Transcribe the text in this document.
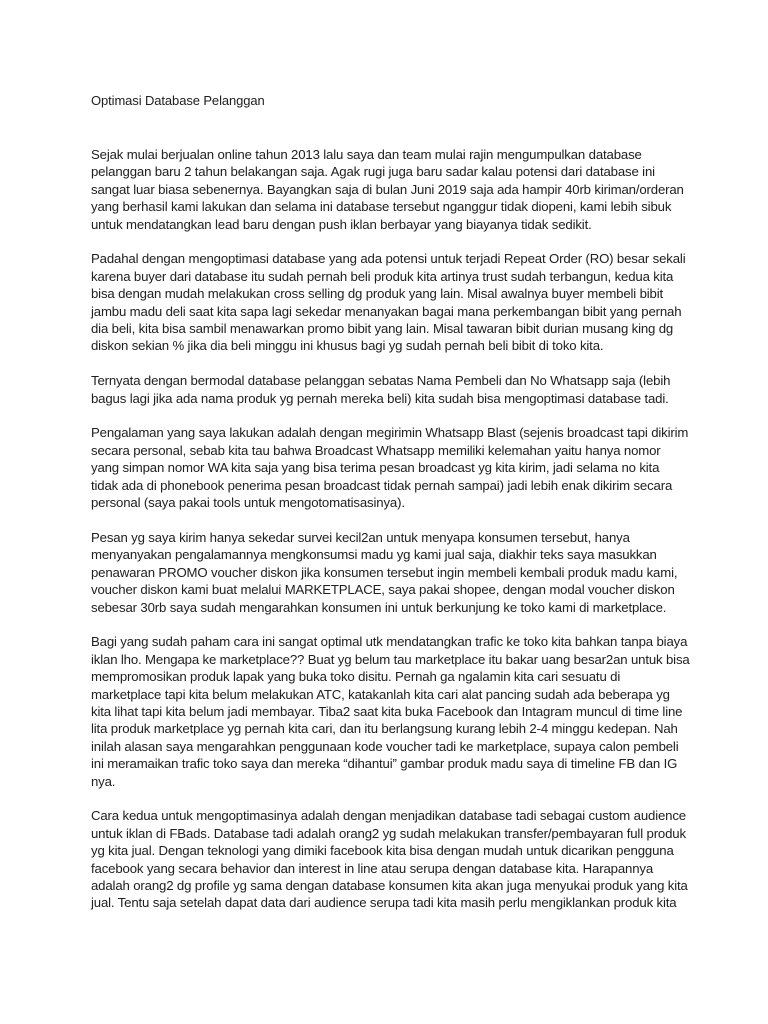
Optimasi Database Pelanggan
Sejak mulai berjualan online tahun 2013 lalu saya dan team mulai rajin mengumpulkan database
pelanggan baru 2 tahun belakangan saja. Agak rugi juga baru sadar kalau potensi dari database ini
sangat luar biasa sebenernya. Bayangkan saja di bulan Juni 2019 saja ada hampir 40rb kiriman/orderan
yang berhasil kami lakukan dan selama ini database tersebut nganggur tidak diopeni, kami lebih sibuk
untuk mendatangkan lead baru dengan push iklan berbayar yang biayanya tidak sedikit.
Padahal dengan mengoptimasi database yang ada potensi untuk terjadi Repeat Order (RO) besar sekali
karena buyer dari database itu sudah pernah beli produk kita artinya trust sudah terbangun, kedua kita
bisa dengan mudah melakukan cross selling dg produk yang lain. Misal awalnya buyer membeli bibit
jambu madu deli saat kita sapa lagi sekedar menanyakan bagai mana perkembangan bibit yang pernah
dia beli, kita bisa sambil menawarkan promo bibit yang lain. Misal tawaran bibit durian musang king dg
diskon sekian % jika dia beli minggu ini khusus bagi yg sudah pernah beli bibit di toko kita.
Ternyata dengan bermodal database pelanggan sebatas Nama Pembeli dan No Whatsapp saja (lebih
bagus lagi jika ada nama produk yg pernah mereka beli) kita sudah bisa mengoptimasi database tadi.
Pengalaman yang saya lakukan adalah dengan megirimin Whatsapp Blast (sejenis broadcast tapi dikirim
secara personal, sebab kita tau bahwa Broadcast Whatsapp memiliki kelemahan yaitu hanya nomor
yang simpan nomor WA kita saja yang bisa terima pesan broadcast yg kita kirim, jadi selama no kita
tidak ada di phonebook penerima pesan broadcast tidak pernah sampai) jadi lebih enak dikirim secara
personal (saya pakai tools untuk mengotomatisasinya).
Pesan yg saya kirim hanya sekedar survei kecil2an untuk menyapa konsumen tersebut, hanya
menyanyakan pengalamannya mengkonsumsi madu yg kami jual saja, diakhir teks saya masukkan
penawaran PROMO voucher diskon jika konsumen tersebut ingin membeli kembali produk madu kami,
voucher diskon kami buat melalui MARKETPLACE, saya pakai shopee, dengan modal voucher diskon
sebesar 30rb saya sudah mengarahkan konsumen ini untuk berkunjung ke toko kami di marketplace.
Bagi yang sudah paham cara ini sangat optimal utk mendatangkan trafic ke toko kita bahkan tanpa biaya
iklan lho. Mengapa ke marketplace?? Buat yg belum tau marketplace itu bakar uang besar2an untuk bisa
mempromosikan produk lapak yang buka toko disitu. Pernah ga ngalamin kita cari sesuatu di
marketplace tapi kita belum melakukan ATC, katakanlah kita cari alat pancing sudah ada beberapa yg
kita lihat tapi kita belum jadi membayar. Tiba2 saat kita buka Facebook dan Intagram muncul di time line
lita produk marketplace yg pernah kita cari, dan itu berlangsung kurang lebih 2-4 minggu kedepan. Nah
inilah alasan saya mengarahkan penggunaan kode voucher tadi ke marketplace, supaya calon pembeli
ini meramaikan trafic toko saya dan mereka “dihantui” gambar produk madu saya di timeline FB dan IG
nya.
Cara kedua untuk mengoptimasinya adalah dengan menjadikan database tadi sebagai custom audience
untuk iklan di FBads. Database tadi adalah orang2 yg sudah melakukan transfer/pembayaran full produk
yg kita jual. Dengan teknologi yang dimiki facebook kita bisa dengan mudah untuk dicarikan pengguna
facebook yang secara behavior dan interest in line atau serupa dengan database kita. Harapannya
adalah orang2 dg profile yg sama dengan database konsumen kita akan juga menyukai produk yang kita
jual. Tentu saja setelah dapat data dari audience serupa tadi kita masih perlu mengiklankan produk kita
